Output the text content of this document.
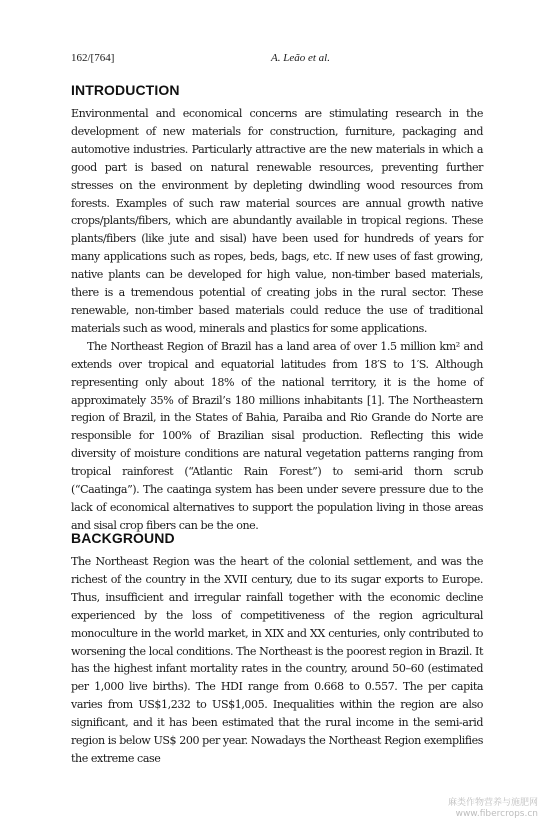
162/[764]	A. Leão et al.
INTRODUCTION

Environmental and economical concerns are stimulating research in the development of new materials for construction, furniture, packaging and automotive industries. Particularly attractive are the new materials in which a good part is based on natural renewable resources, preventing further stresses on the environment by depleting dwindling wood resources from forests. Examples of such raw material sources are annual growth native crops/plants/fibers, which are abundantly available in tropical regions. These plants/fibers (like jute and sisal) have been used for hundreds of years for many applications such as ropes, beds, bags, etc. If new uses of fast growing, native plants can be developed for high value, non-timber based materials, there is a tremendous potential of creating jobs in the rural sector. These renewable, non-timber based materials could reduce the use of traditional materials such as wood, minerals and plastics for some applications.

The Northeast Region of Brazil has a land area of over 1.5 million km² and extends over tropical and equatorial latitudes from 18′S to 1′S. Although representing only about 18% of the national territory, it is the home of approximately 35% of Brazil’s 180 millions inhabitants [1]. The Northeastern region of Brazil, in the States of Bahia, Paraiba and Rio Grande do Norte are responsible for 100% of Brazilian sisal production. Reflecting this wide diversity of moisture conditions are natural vegetation patterns ranging from tropical rainforest (“Atlantic Rain Forest”) to semi-arid thorn scrub (“Caatinga”). The caatinga system has been under severe pressure due to the lack of economical alternatives to support the population living in those areas and sisal crop fibers can be the one.

BACKGROUND

The Northeast Region was the heart of the colonial settlement, and was the richest of the country in the XVII century, due to its sugar exports to Europe. Thus, insufficient and irregular rainfall together with the economic decline experienced by the loss of competitiveness of the region agricultural monoculture in the world market, in XIX and XX centuries, only contributed to worsening the local conditions. The Northeast is the poorest region in Brazil. It has the highest infant mortality rates in the country, around 50–60 (estimated per 1,000 live births). The HDI range from 0.668 to 0.557. The per capita varies from US$1,232 to US$1,005. Inequalities within the region are also significant, and it has been estimated that the rural income in the semi-arid region is below US$ 200 per year. Nowadays the Northeast Region exemplifies the extreme case

麻类作物营养与施肥网
www.fibercrops.cn
